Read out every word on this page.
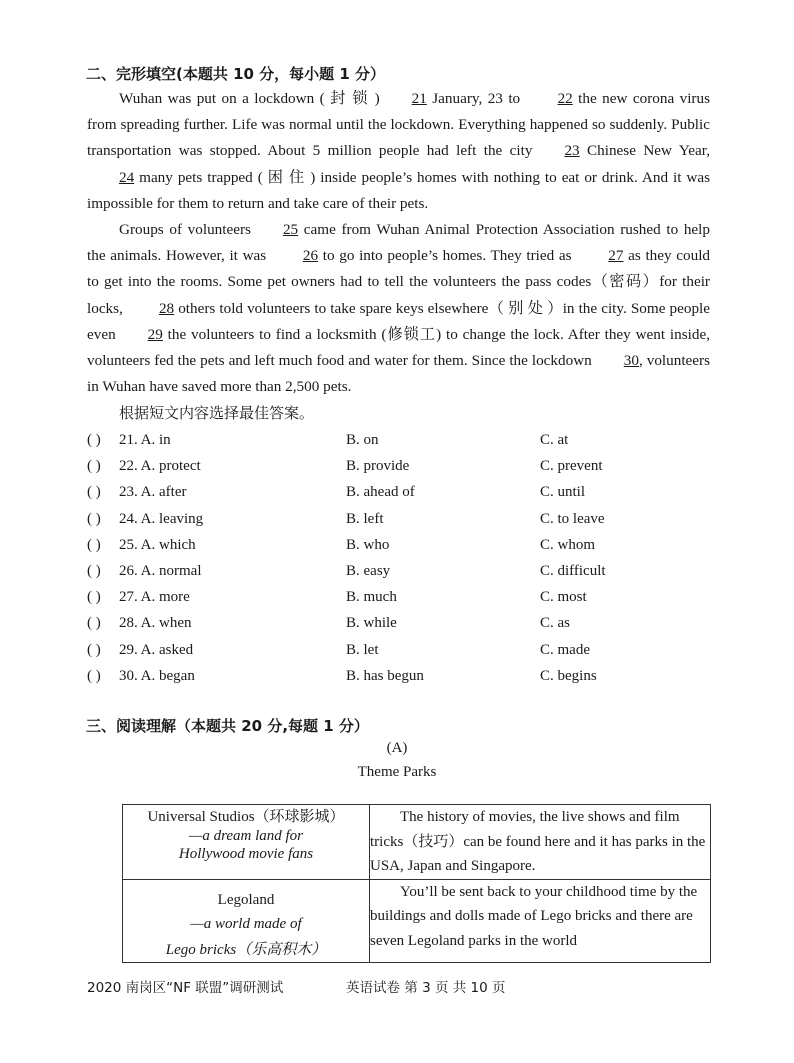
二、完形填空(本题共 10 分，每小题 1 分）

Wuhan was put on a lockdown ( 封 锁 ) 21 January, 23 to 22 the new corona virus from spreading further. Life was normal until the lockdown. Everything happened so suddenly. Public transportation was stopped. About 5 million people had left the city 23 Chinese New Year, 24 many pets trapped ( 困 住 ) inside people’s homes with nothing to eat or drink. And it was impossible for them to return and take care of their pets.

Groups of volunteers 25 came from Wuhan Animal Protection Association rushed to help the animals. However, it was 26 to go into people’s homes. They tried as 27 as they could to get into the rooms. Some pet owners had to tell the volunteers the pass codes（密码）for their locks, 28 others told volunteers to take spare keys elsewhere（ 别 处 ）in the city. Some people even 29 the volunteers to find a locksmith (修锁工) to change the lock. After they went inside, volunteers fed the pets and left much food and water for them. Since the lockdown 30, volunteers in Wuhan have saved more than 2,500 pets.

根据短文内容选择最佳答案。
( ) 21. A. in	B. on	C. at
( ) 22. A. protect	B. provide	C. prevent
( ) 23. A. after	B. ahead of	C. until
( ) 24. A. leaving	B. left	C. to leave
( ) 25. A. which	B. who	C. whom
( ) 26. A. normal	B. easy	C. difficult
( ) 27. A. more	B. much	C. most
( ) 28. A. when	B. while	C. as
( ) 29. A. asked	B. let	C. made
( ) 30. A. began	B. has begun	C. begins
三、阅读理解（本题共 20 分,每题 1 分）
(A)
Theme Parks
Universal Studios（环球影城）
—a dream land for
Hollywood movie fans	The history of movies, the live shows and film tricks（技巧）can be found here and it has parks in the USA, Japan and Singapore.

Legoland
—a world made of
Lego bricks（乐高积木）	You’ll be sent back to your childhood time by the buildings and dolls made of Lego bricks and there are seven Legoland parks in the world
2020 南岗区“NF 联盟”调研测试	英语试卷 第 3 页 共 10 页
